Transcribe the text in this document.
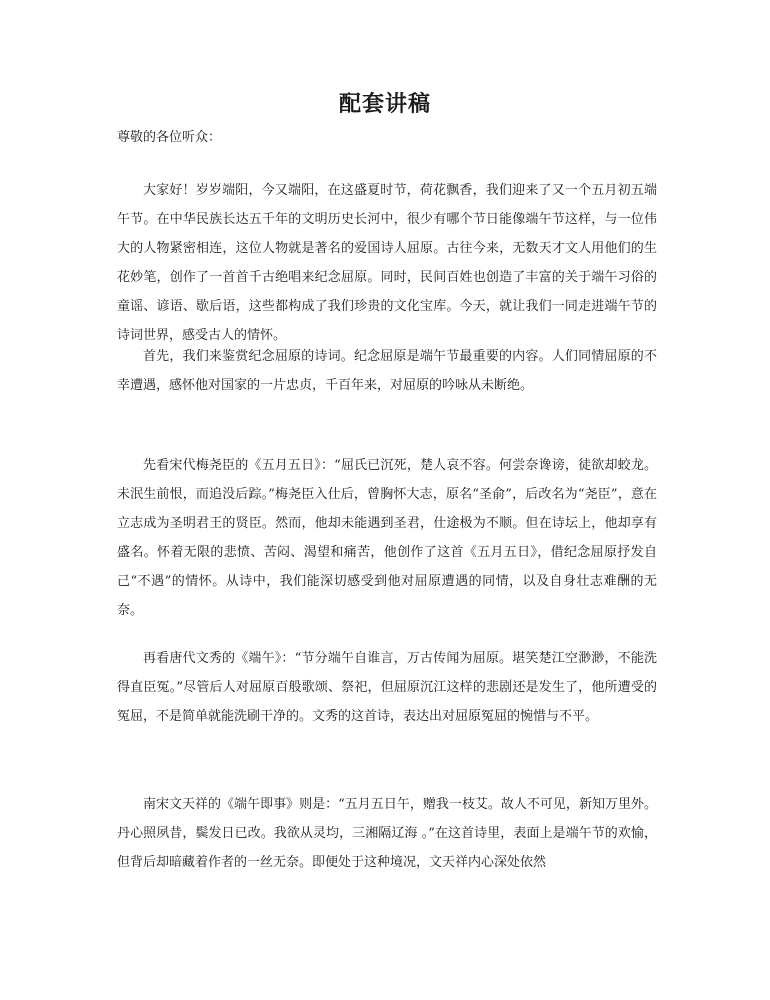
配套讲稿
尊敬的各位听众：

大家好！岁岁端阳，今又端阳，在这盛夏时节，荷花飘香，我们迎来了又一个五月初五端午节。在中华民族长达五千年的文明历史长河中，很少有哪个节日能像端午节这样，与一位伟大的人物紧密相连，这位人物就是著名的爱国诗人屈原。古往今来，无数天才文人用他们的生花妙笔，创作了一首首千古绝唱来纪念屈原。同时，民间百姓也创造了丰富的关于端午习俗的童谣、谚语、歇后语，这些都构成了我们珍贵的文化宝库。今天，就让我们一同走进端午节的诗词世界，感受古人的情怀。

首先，我们来鉴赏纪念屈原的诗词。纪念屈原是端午节最重要的内容。人们同情屈原的不幸遭遇，感怀他对国家的一片忠贞，千百年来，对屈原的吟咏从未断绝。

先看宋代梅尧臣的《五月五日》：“屈氏已沉死，楚人哀不容。何尝奈谗谤，徒欲却蛟龙。未泯生前恨，而追没后踪。”梅尧臣入仕后，曾胸怀大志，原名“圣俞”，后改名为“尧臣”，意在立志成为圣明君王的贤臣。然而，他却未能遇到圣君，仕途极为不顺。但在诗坛上，他却享有盛名。怀着无限的悲愤、苦闷、渴望和痛苦，他创作了这首《五月五日》，借纪念屈原抒发自己“不遇”的情怀。从诗中，我们能深切感受到他对屈原遭遇的同情，以及自身壮志难酬的无奈。

再看唐代文秀的《端午》：“节分端午自谁言，万古传闻为屈原。堪笑楚江空渺渺，不能洗得直臣冤。”尽管后人对屈原百般歌颂、祭祀，但屈原沉江这样的悲剧还是发生了，他所遭受的冤屈，不是简单就能洗刷干净的。文秀的这首诗，表达出对屈原冤屈的惋惜与不平。

南宋文天祥的《端午即事》则是：“五月五日午，赠我一枝艾。故人不可见，新知万里外。丹心照夙昔，鬓发日已改。我欲从灵均，三湘隔辽海 。”在这首诗里，表面上是端午节的欢愉，但背后却暗藏着作者的一丝无奈。即便处于这种境况，文天祥内心深处依然
